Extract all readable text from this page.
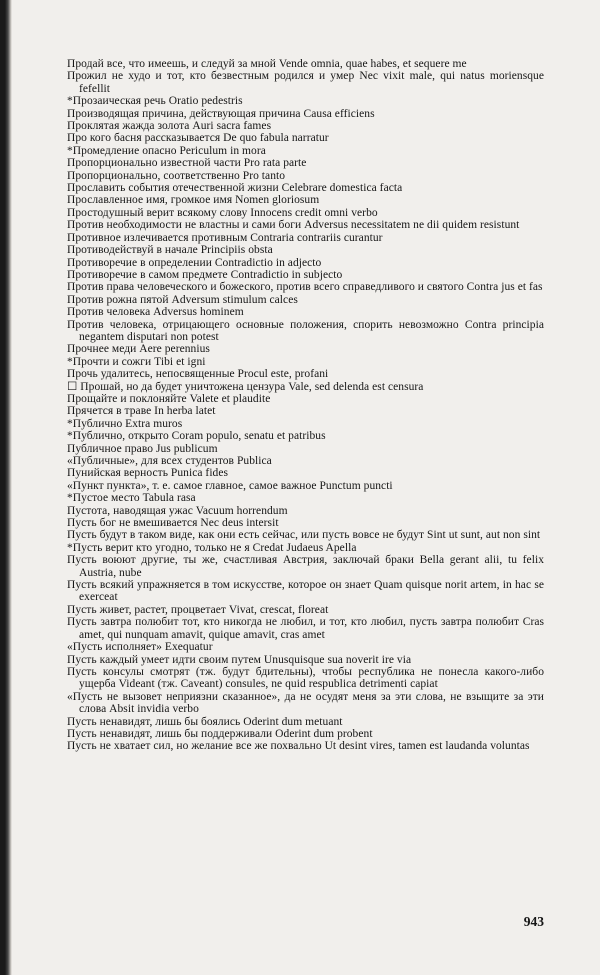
Продай все, что имеешь, и следуй за мной Vende omnia, quae habes, et sequere me
Прожил не худо и тот, кто безвестным родился и умер Nec vixit male, qui natus moriensque fefellit
*Прозаическая речь Oratio pedestris
Производящая причина, действующая причина Causa efficiens
Проклятая жажда золота Auri sacra fames
Про кого басня рассказывается De quo fabula narratur
*Промедление опасно Periculum in mora
Пропорционально известной части Pro rata parte
Пропорционально, соответственно Pro tanto
Прославить события отечественной жизни Celebrare domestica facta
Прославленное имя, громкое имя Nomen gloriosum
Простодушный верит всякому слову Innocens credit omni verbo
Против необходимости не властны и сами боги Adversus necessitatem ne dii quidem resistunt
Противное излечивается противным Contraria contrariis curantur
Противодействуй в начале Principiis obsta
Противоречие в определении Contradictio in adjecto
Противоречие в самом предмете Contradictio in subjecto
Против права человеческого и божеского, против всего справедливого и святого Contra jus et fas
Против рожна пятой Adversum stimulum calces
Против человека Adversus hominem
Против человека, отрицающего основные положения, спорить невозможно Contra principia negantem disputari non potest
Прочнее меди Aere perennius
*Прочти и сожги Tibi et igni
Прочь удалитесь, непосвященные Procul este, profani
☐ Прошай, но да будет уничтожена цензура Vale, sed delenda est censura
Прощайте и поклоняйте Valete et plaudite
Прячется в траве In herba latet
*Публично Extra muros
*Публично, открыто Coram populo, senatu et patribus
Публичное право Jus publicum
«Публичные», для всех студентов Publica
Пунийская верность Punica fides
«Пункт пункта», т. е. самое главное, самое важное Punctum puncti
*Пустое место Tabula rasa
Пустота, наводящая ужас Vacuum horrendum
Пусть бог не вмешивается Nec deus intersit
Пусть будут в таком виде, как они есть сейчас, или пусть вовсе не будут Sint ut sunt, aut non sint
*Пусть верит кто угодно, только не я Credat Judaeus Apella
Пусть воюют другие, ты же, счастливая Австрия, заключай браки Bella gerant alii, tu felix Austria, nube
Пусть всякий упражняется в том искусстве, которое он знает Quam quisque norit artem, in hac se exerceat
Пусть живет, растет, процветает Vivat, crescat, floreat
Пусть завтра полюбит тот, кто никогда не любил, и тот, кто любил, пусть завтра полюбит Cras amet, qui nunquam amavit, quique amavit, cras amet
«Пусть исполняет» Exequatur
Пусть каждый умеет идти своим путем Unusquisque sua noverit ire via
Пусть консулы смотрят (тж. будут бдительны), чтобы республика не понесла какого-либо ущерба Videant (тж. Caveant) consules, ne quid respublica detrimenti capiat
«Пусть не вызовет неприязни сказанное», да не осудят меня за эти слова, не взыщите за эти слова Absit invidia verbo
Пусть ненавидят, лишь бы боялись Oderint dum metuant
Пусть ненавидят, лишь бы поддерживали Oderint dum probent
Пусть не хватает сил, но желание все же похвально Ut desint vires, tamen est laudanda voluntas
943
